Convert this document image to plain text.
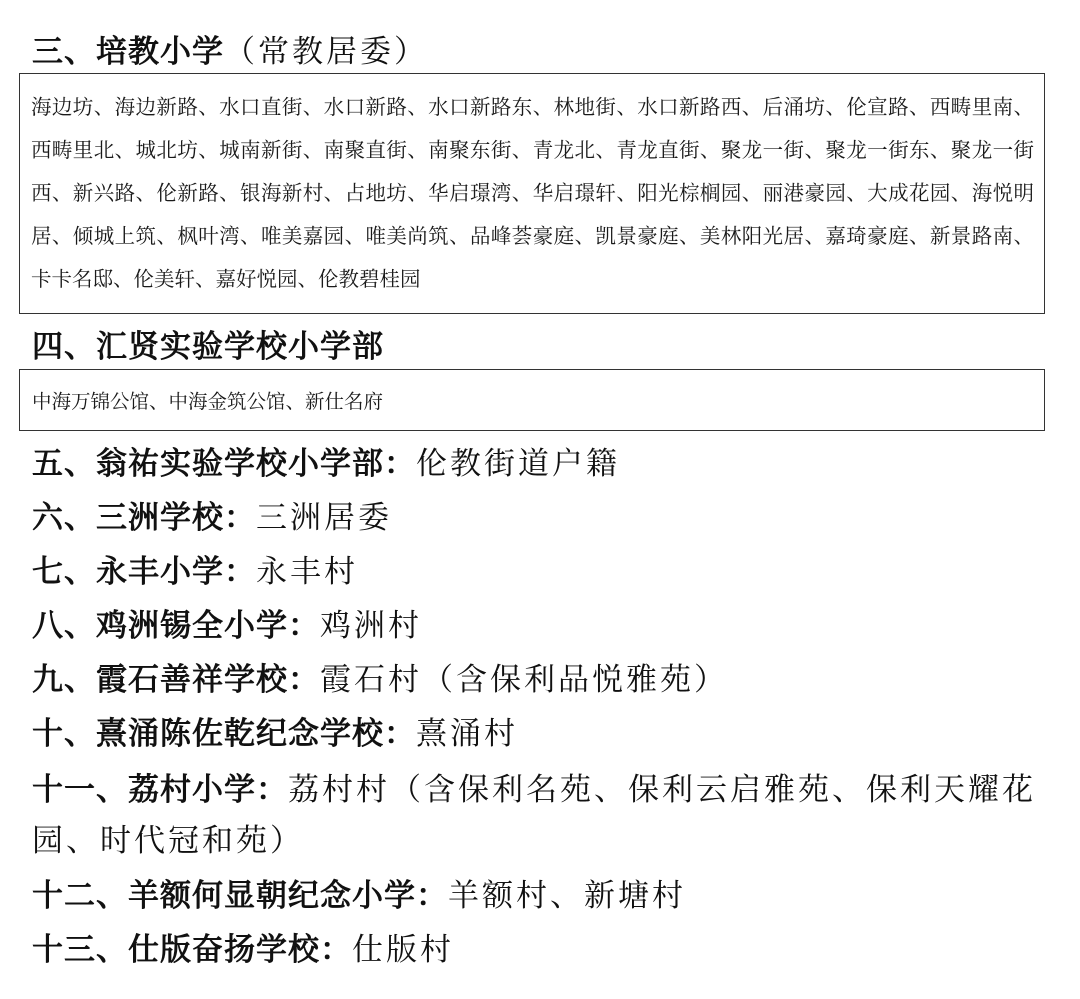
三、培教小学（常教居委）
海边坊、海边新路、水口直街、水口新路、水口新路东、林地街、水口新路西、后涌坊、伦宣路、西畴里南、西畴里北、城北坊、城南新街、南聚直街、南聚东街、青龙北、青龙直街、聚龙一街、聚龙一街东、聚龙一街西、新兴路、伦新路、银海新村、占地坊、华启璟湾、华启璟轩、阳光棕榈园、丽港豪园、大成花园、海悦明居、倾城上筑、枫叶湾、唯美嘉园、唯美尚筑、品峰荟豪庭、凯景豪庭、美林阳光居、嘉琦豪庭、新景路南、卡卡名邸、伦美轩、嘉好悦园、伦教碧桂园
四、汇贤实验学校小学部
中海万锦公馆、中海金筑公馆、新仕名府
五、翁祐实验学校小学部：伦教街道户籍
六、三洲学校：三洲居委
七、永丰小学：永丰村
八、鸡洲锡全小学：鸡洲村
九、霞石善祥学校：霞石村（含保利品悦雅苑）
十、熹涌陈佐乾纪念学校：熹涌村
十一、荔村小学：荔村村（含保利名苑、保利云启雅苑、保利天耀花园、时代冠和苑）
十二、羊额何显朝纪念小学：羊额村、新塘村
十三、仕版奋扬学校：仕版村
